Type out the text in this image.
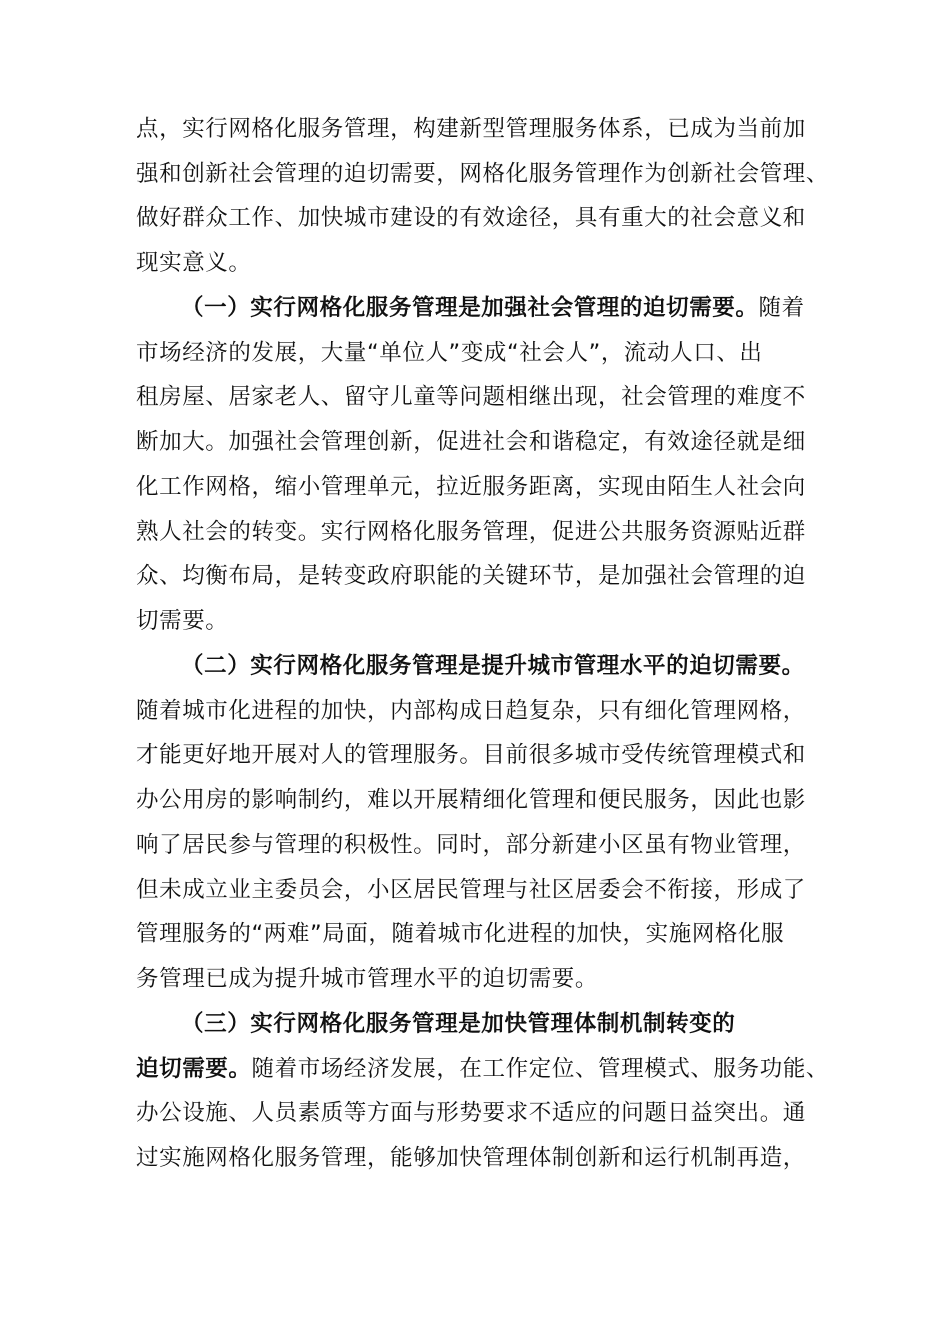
点，实行网格化服务管理，构建新型管理服务体系，已成为当前加
强和创新社会管理的迫切需要，网格化服务管理作为创新社会管理、
做好群众工作、加快城市建设的有效途径，具有重大的社会意义和
现实意义。
（一）实行网格化服务管理是加强社会管理的迫切需要。随着
市场经济的发展，大量“单位人”变成“社会人”，流动人口、出
租房屋、居家老人、留守儿童等问题相继出现，社会管理的难度不
断加大。加强社会管理创新，促进社会和谐稳定，有效途径就是细
化工作网格，缩小管理单元，拉近服务距离，实现由陌生人社会向
熟人社会的转变。实行网格化服务管理，促进公共服务资源贴近群
众、均衡布局，是转变政府职能的关键环节，是加强社会管理的迫
切需要。
（二）实行网格化服务管理是提升城市管理水平的迫切需要。
随着城市化进程的加快，内部构成日趋复杂，只有细化管理网格，
才能更好地开展对人的管理服务。目前很多城市受传统管理模式和
办公用房的影响制约，难以开展精细化管理和便民服务，因此也影
响了居民参与管理的积极性。同时，部分新建小区虽有物业管理，
但未成立业主委员会，小区居民管理与社区居委会不衔接，形成了
管理服务的“两难”局面，随着城市化进程的加快，实施网格化服
务管理已成为提升城市管理水平的迫切需要。
（三）实行网格化服务管理是加快管理体制机制转变的
迫切需要。随着市场经济发展，在工作定位、管理模式、服务功能、
办公设施、人员素质等方面与形势要求不适应的问题日益突出。通
过实施网格化服务管理，能够加快管理体制创新和运行机制再造，
